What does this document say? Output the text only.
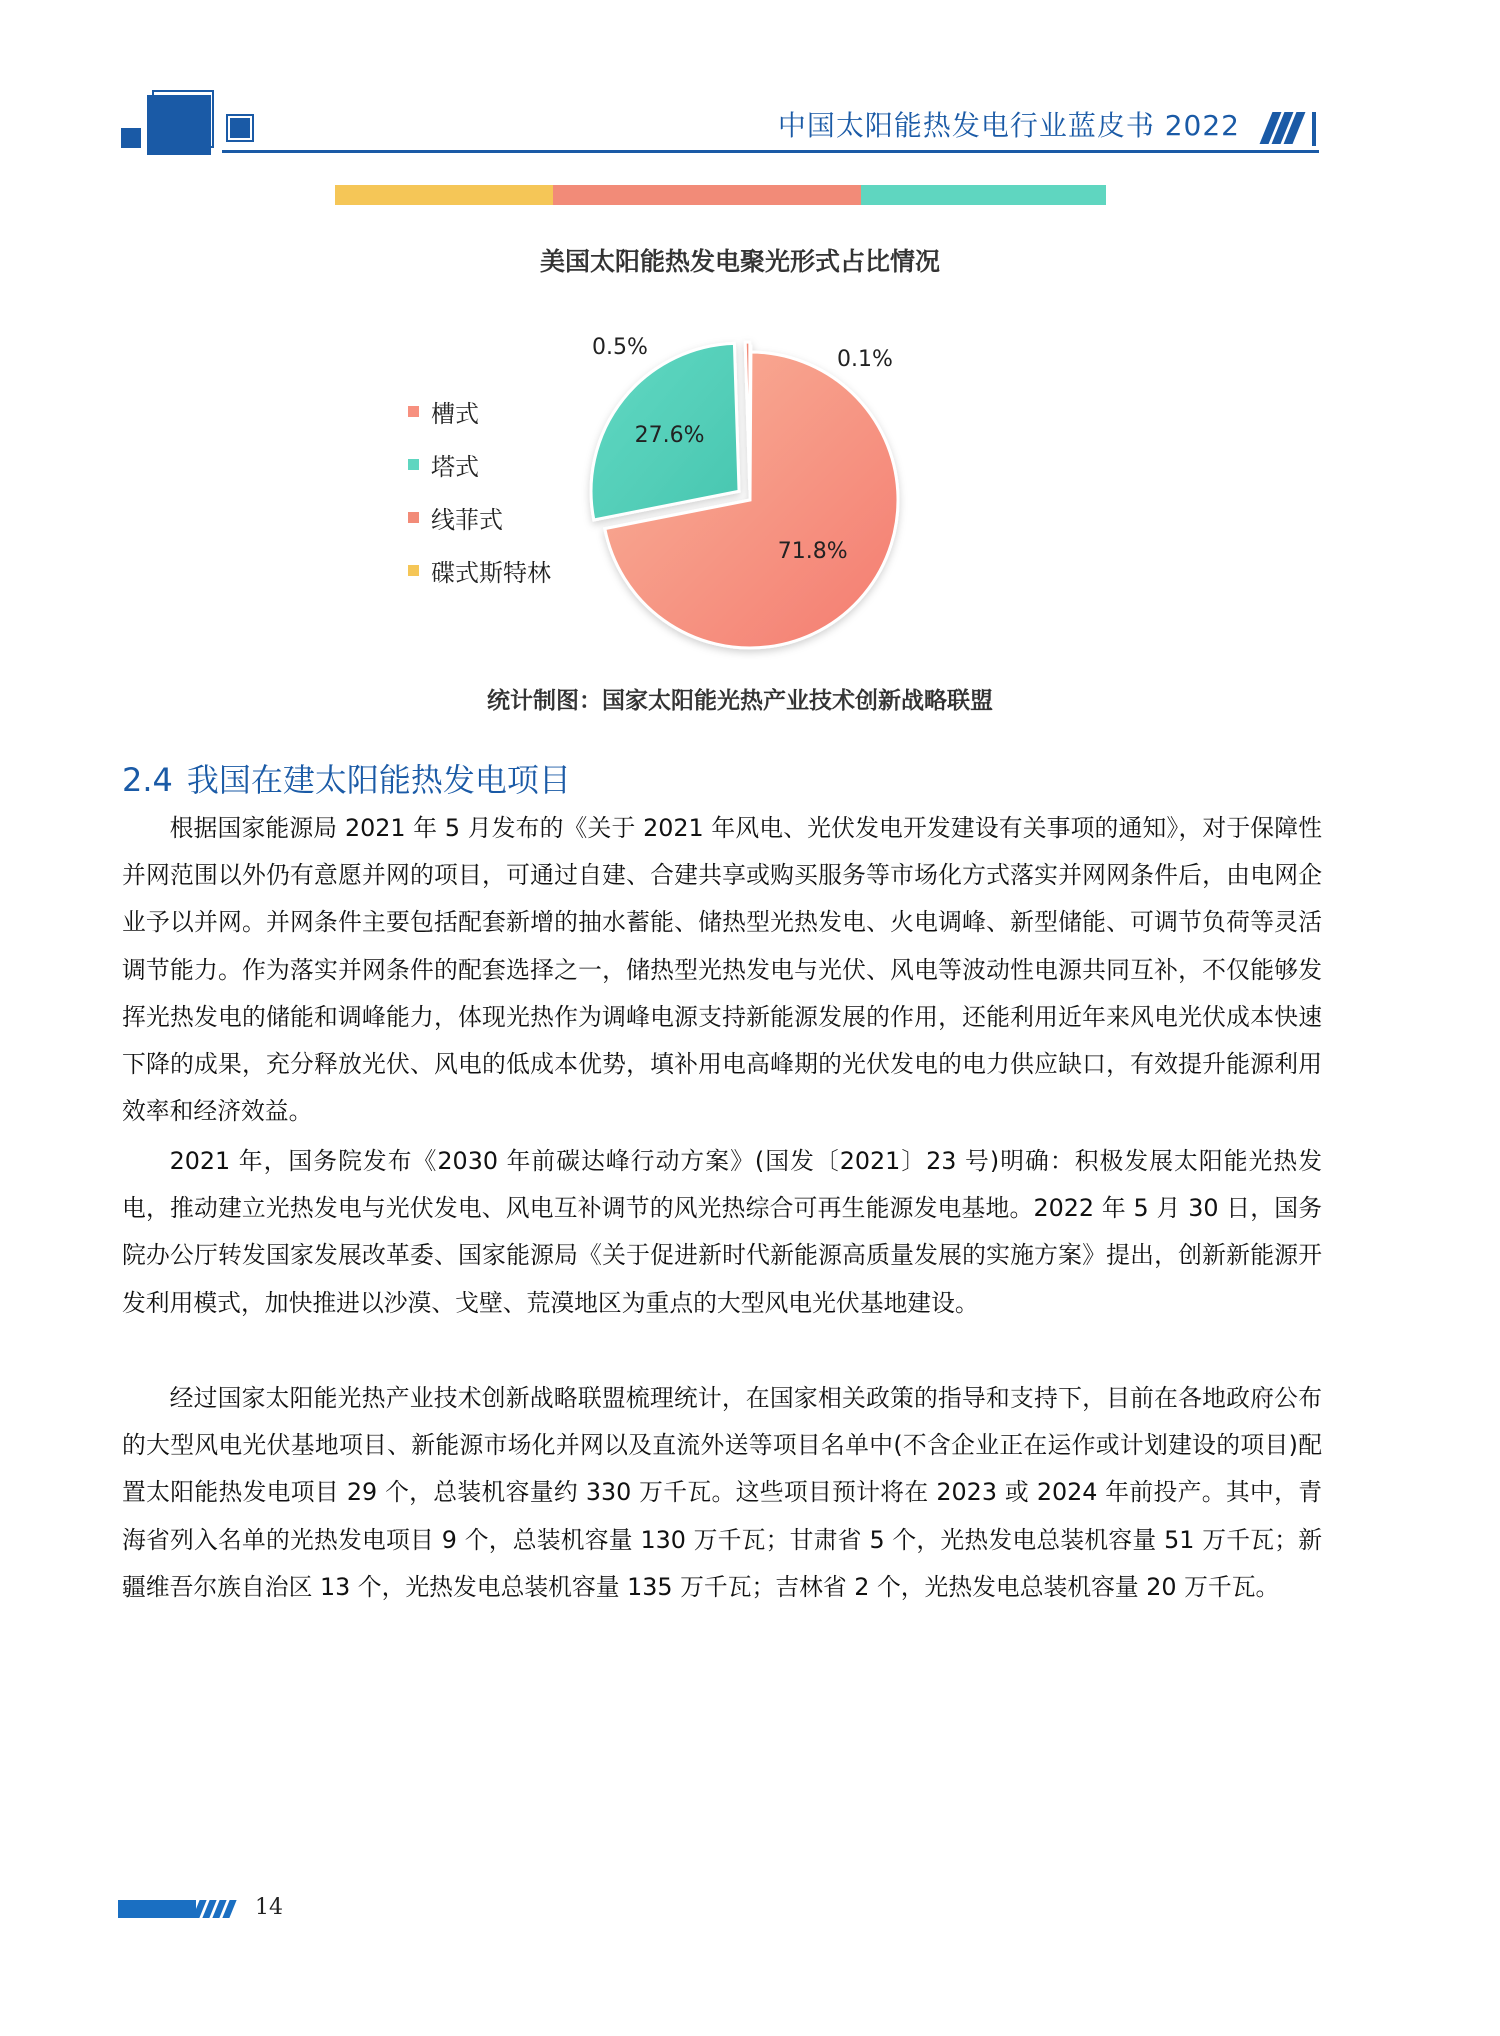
中国太阳能热发电行业蓝皮书 2022
美国太阳能热发电聚光形式占比情况
槽式
塔式
线菲式
碟式斯特林
0.1%
71.8%
27.6%
0.5%
统计制图：国家太阳能光热产业技术创新战略联盟
2.4 我国在建太阳能热发电项目

根据国家能源局 2021 年 5 月发布的《关于 2021 年风电、光伏发电开发建设有关事项的通知》，对于保障性并网范围以外仍有意愿并网的项目，可通过自建、合建共享或购买服务等市场化方式落实并网网条件后，由电网企业予以并网。并网条件主要包括配套新增的抽水蓄能、储热型光热发电、火电调峰、新型储能、可调节负荷等灵活调节能力。作为落实并网条件的配套选择之一，储热型光热发电与光伏、风电等波动性电源共同互补，不仅能够发挥光热发电的储能和调峰能力，体现光热作为调峰电源支持新能源发展的作用，还能利用近年来风电光伏成本快速下降的成果，充分释放光伏、风电的低成本优势，填补用电高峰期的光伏发电的电力供应缺口，有效提升能源利用效率和经济效益。

2021 年，国务院发布《2030 年前碳达峰行动方案》(国发〔2021〕23 号)明确：积极发展太阳能光热发电，推动建立光热发电与光伏发电、风电互补调节的风光热综合可再生能源发电基地。2022 年 5 月 30 日，国务院办公厅转发国家发展改革委、国家能源局《关于促进新时代新能源高质量发展的实施方案》提出，创新新能源开发利用模式，加快推进以沙漠、戈壁、荒漠地区为重点的大型风电光伏基地建设。

经过国家太阳能光热产业技术创新战略联盟梳理统计，在国家相关政策的指导和支持下，目前在各地政府公布的大型风电光伏基地项目、新能源市场化并网以及直流外送等项目名单中(不含企业正在运作或计划建设的项目)配置太阳能热发电项目 29 个，总装机容量约 330 万千瓦。这些项目预计将在 2023 或 2024 年前投产。其中，青海省列入名单的光热发电项目 9 个，总装机容量 130 万千瓦；甘肃省 5 个，光热发电总装机容量 51 万千瓦；新疆维吾尔族自治区 13 个，光热发电总装机容量 135 万千瓦；吉林省 2 个，光热发电总装机容量 20 万千瓦。

14
